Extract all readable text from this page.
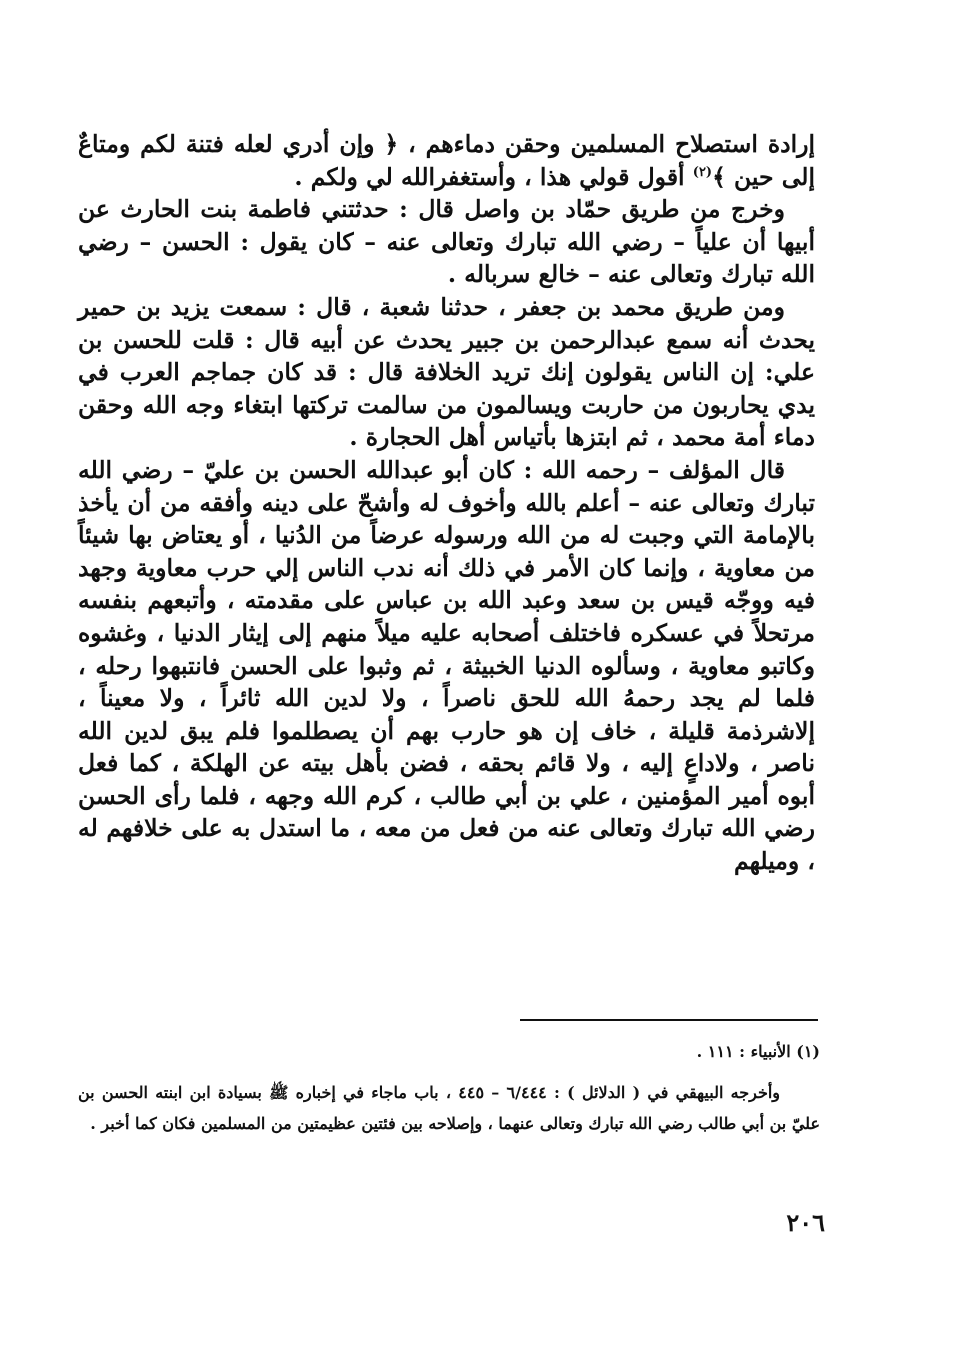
إرادة استصلاح المسلمين وحقن دماءهم ، ﴿ وإن أدري لعله فتنة لكم ومتاعٌ إلى حين ﴾$^{(٢)}$ أقول قولي هذا ، وأستغفرالله لي ولكم .

وخرج من طريق حمّاد بن واصل قال : حدثتني فاطمة بنت الحارث عن أبيها أن علياً – رضي الله تبارك وتعالى عنه – كان يقول : الحسن – رضي الله تبارك وتعالى عنه – خالع سرباله .

ومن طريق محمد بن جعفر ، حدثنا شعبة ، قال : سمعت يزيد بن حمير يحدث أنه سمع عبدالرحمن بن جبير يحدث عن أبيه قال : قلت للحسن بن علي: إن الناس يقولون إنك تريد الخلافة قال : قد كان جماجم العرب في يدي يحاربون من حاربت ويسالمون من سالمت تركتها ابتغاء وجه الله وحقن دماء أمة محمد ، ثم ابتزها بأتياس أهل الحجارة .

قال المؤلف – رحمه الله : كان أبو عبدالله الحسن بن عليّ – رضي الله تبارك وتعالى عنه – أعلم بالله وأخوف له وأشحّ على دينه وأفقه من أن يأخذ بالإمامة التي وجبت له من الله ورسوله عرضاً من الدُنيا ، أو يعتاض بها شيئاً من معاوية ، وإنما كان الأمر في ذلك أنه ندب الناس إلي حرب معاوية وجهد فيه ووجّه قيس بن سعد وعبد الله بن عباس على مقدمته ، وأتبعهم بنفسه مرتحلاً في عسكره فاختلف أصحابه عليه ميلاً منهم إلى إيثار الدنيا ، وغشوه وكاتبو معاوية ، وسألوه الدنيا الخبيثة ، ثم وثبوا على الحسن فانتبهوا رحله ، فلما لم يجد رحمهُ الله للحق ناصراً ، ولا لدين الله ثائراً ، ولا معيناً ، إلاشرذمة قليلة ، خاف إن هو حارب بهم أن يصطلموا فلم يبق لدين الله ناصر ، ولاداعٍ إليه ، ولا قائم بحقه ، فضن بأهل بيته عن الهلكة ، كما فعل أبوه أمير المؤمنين ، علي بن أبي طالب ، كرم الله وجهه ، فلما رأى الحسن رضي الله تبارك وتعالى عنه من فعل من معه ، ما استدل به على خلافهم له ، وميلهم

(١) الأنبياء : ١١١ .

وأخرجه البيهقي في ( الدلائل ) : ٦/٤٤٤ – ٤٤٥ ، باب ماجاء في إخباره ﷺ بسيادة ابن ابنته الحسن بن عليّ بن أبي طالب رضي الله تبارك وتعالى عنهما ، وإصلاحه بين فئتين عظيمتين من المسلمين فكان كما أخبر .

٢٠٦
